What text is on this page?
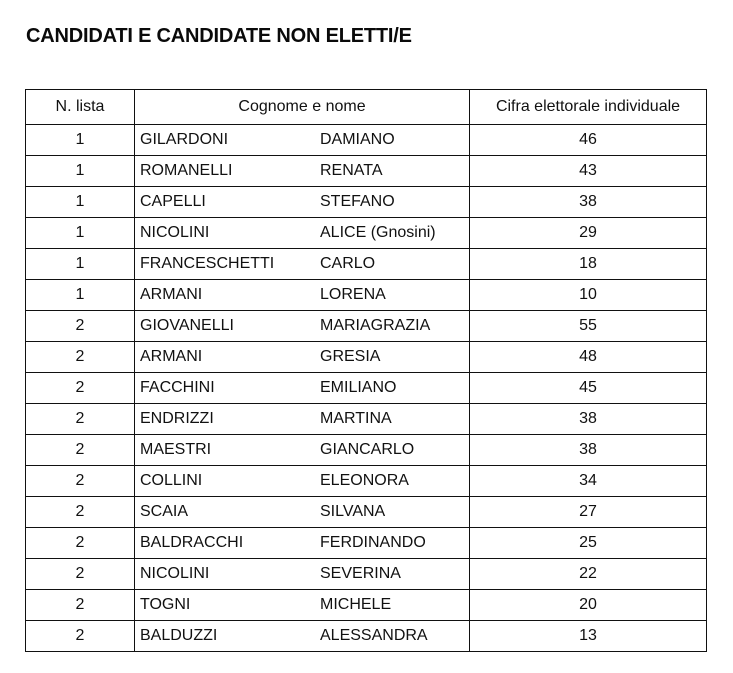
CANDIDATI E CANDIDATE NON ELETTI/E
N. lista	Cognome e nome	Cifra elettorale individuale
1	GILARDONI DAMIANO	46
1	ROMANELLI RENATA	43
1	CAPELLI STEFANO	38
1	NICOLINI ALICE (Gnosini)	29
1	FRANCESCHETTI CARLO	18
1	ARMANI LORENA	10
2	GIOVANELLI MARIAGRAZIA	55
2	ARMANI GRESIA	48
2	FACCHINI EMILIANO	45
2	ENDRIZZI MARTINA	38
2	MAESTRI GIANCARLO	38
2	COLLINI ELEONORA	34
2	SCAIA SILVANA	27
2	BALDRACCHI FERDINANDO	25
2	NICOLINI SEVERINA	22
2	TOGNI MICHELE	20
2	BALDUZZI ALESSANDRA	13
